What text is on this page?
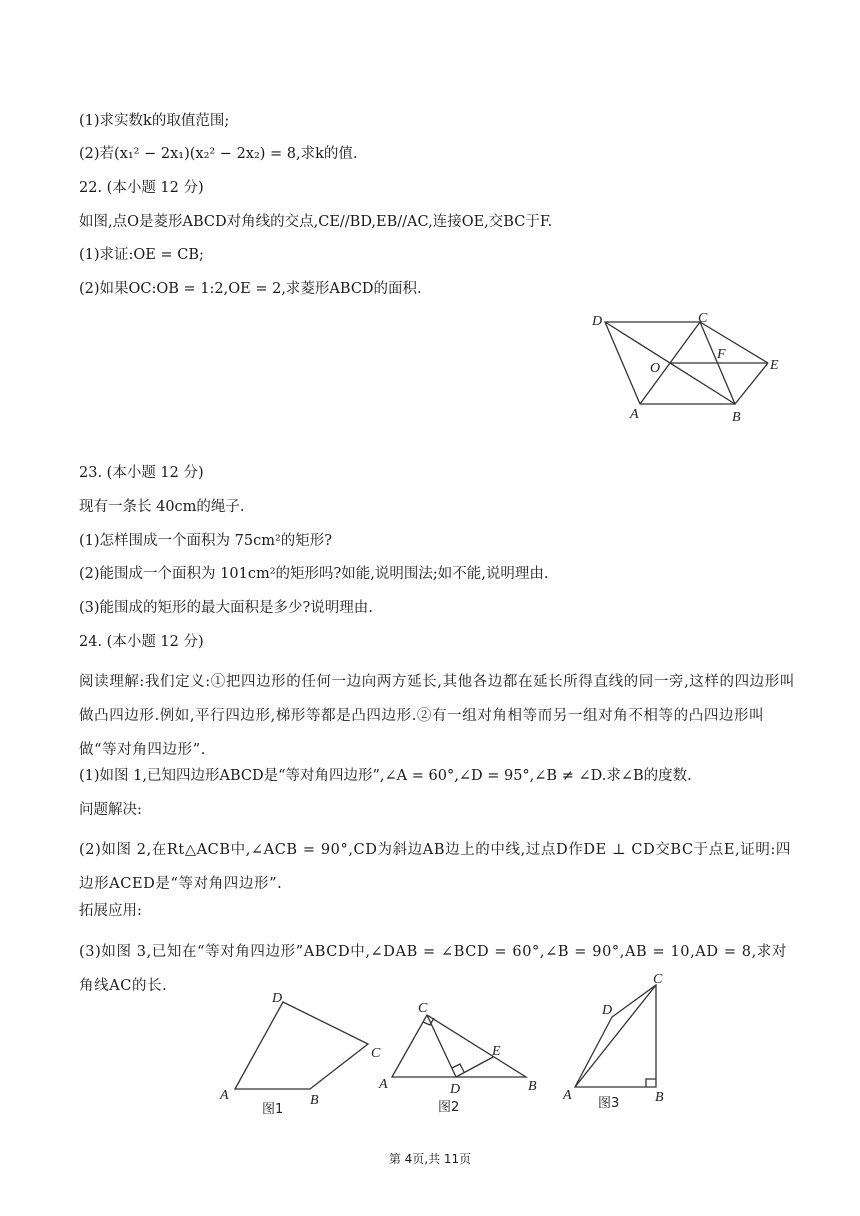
(1)求实数k的取值范围;
(2)若(x₁² − 2x₁)(x₂² − 2x₂) = 8,求k的值.
22. (本小题 12 分)
如图,点O是菱形ABCD对角线的交点,CE//BD,EB//AC,连接OE,交BC于F.
(1)求证:OE = CB;
(2)如果OC:OB = 1:2,OE = 2,求菱形ABCD的面积.
D	C
F
E
O
A	B
23. (本小题 12 分)
现有一条长 40cm的绳子.
(1)怎样围成一个面积为 75cm²的矩形?
(2)能围成一个面积为 101cm²的矩形吗?如能,说明围法;如不能,说明理由.
(3)能围成的矩形的最大面积是多少?说明理由.
24. (本小题 12 分)
阅读理解:我们定义:①把四边形的任何一边向两方延长,其他各边都在延长所得直线的同一旁,这样的四边形叫做凸四边形.例如,平行四边形,梯形等都是凸四边形.②有一组对角相等而另一组对角不相等的凸四边形叫做“等对角四边形”.
(1)如图 1,已知四边形ABCD是“等对角四边形”,∠A = 60°,∠D = 95°,∠B ≠ ∠D.求∠B的度数.
问题解决:
(2)如图 2,在Rt△ACB中,∠ACB = 90°,CD为斜边AB边上的中线,过点D作DE ⊥ CD交BC于点E,证明:四边形ACED是“等对角四边形”.
拓展应用:
(3)如图 3,已知在“等对角四边形”ABCD中,∠DAB = ∠BCD = 60°,∠B = 90°,AB = 10,AD = 8,求对角线AC的长.
D
C
A	B
图1
C
E
A	D	B
图2
C
D
A	B
图3
第 4页,共 11页
